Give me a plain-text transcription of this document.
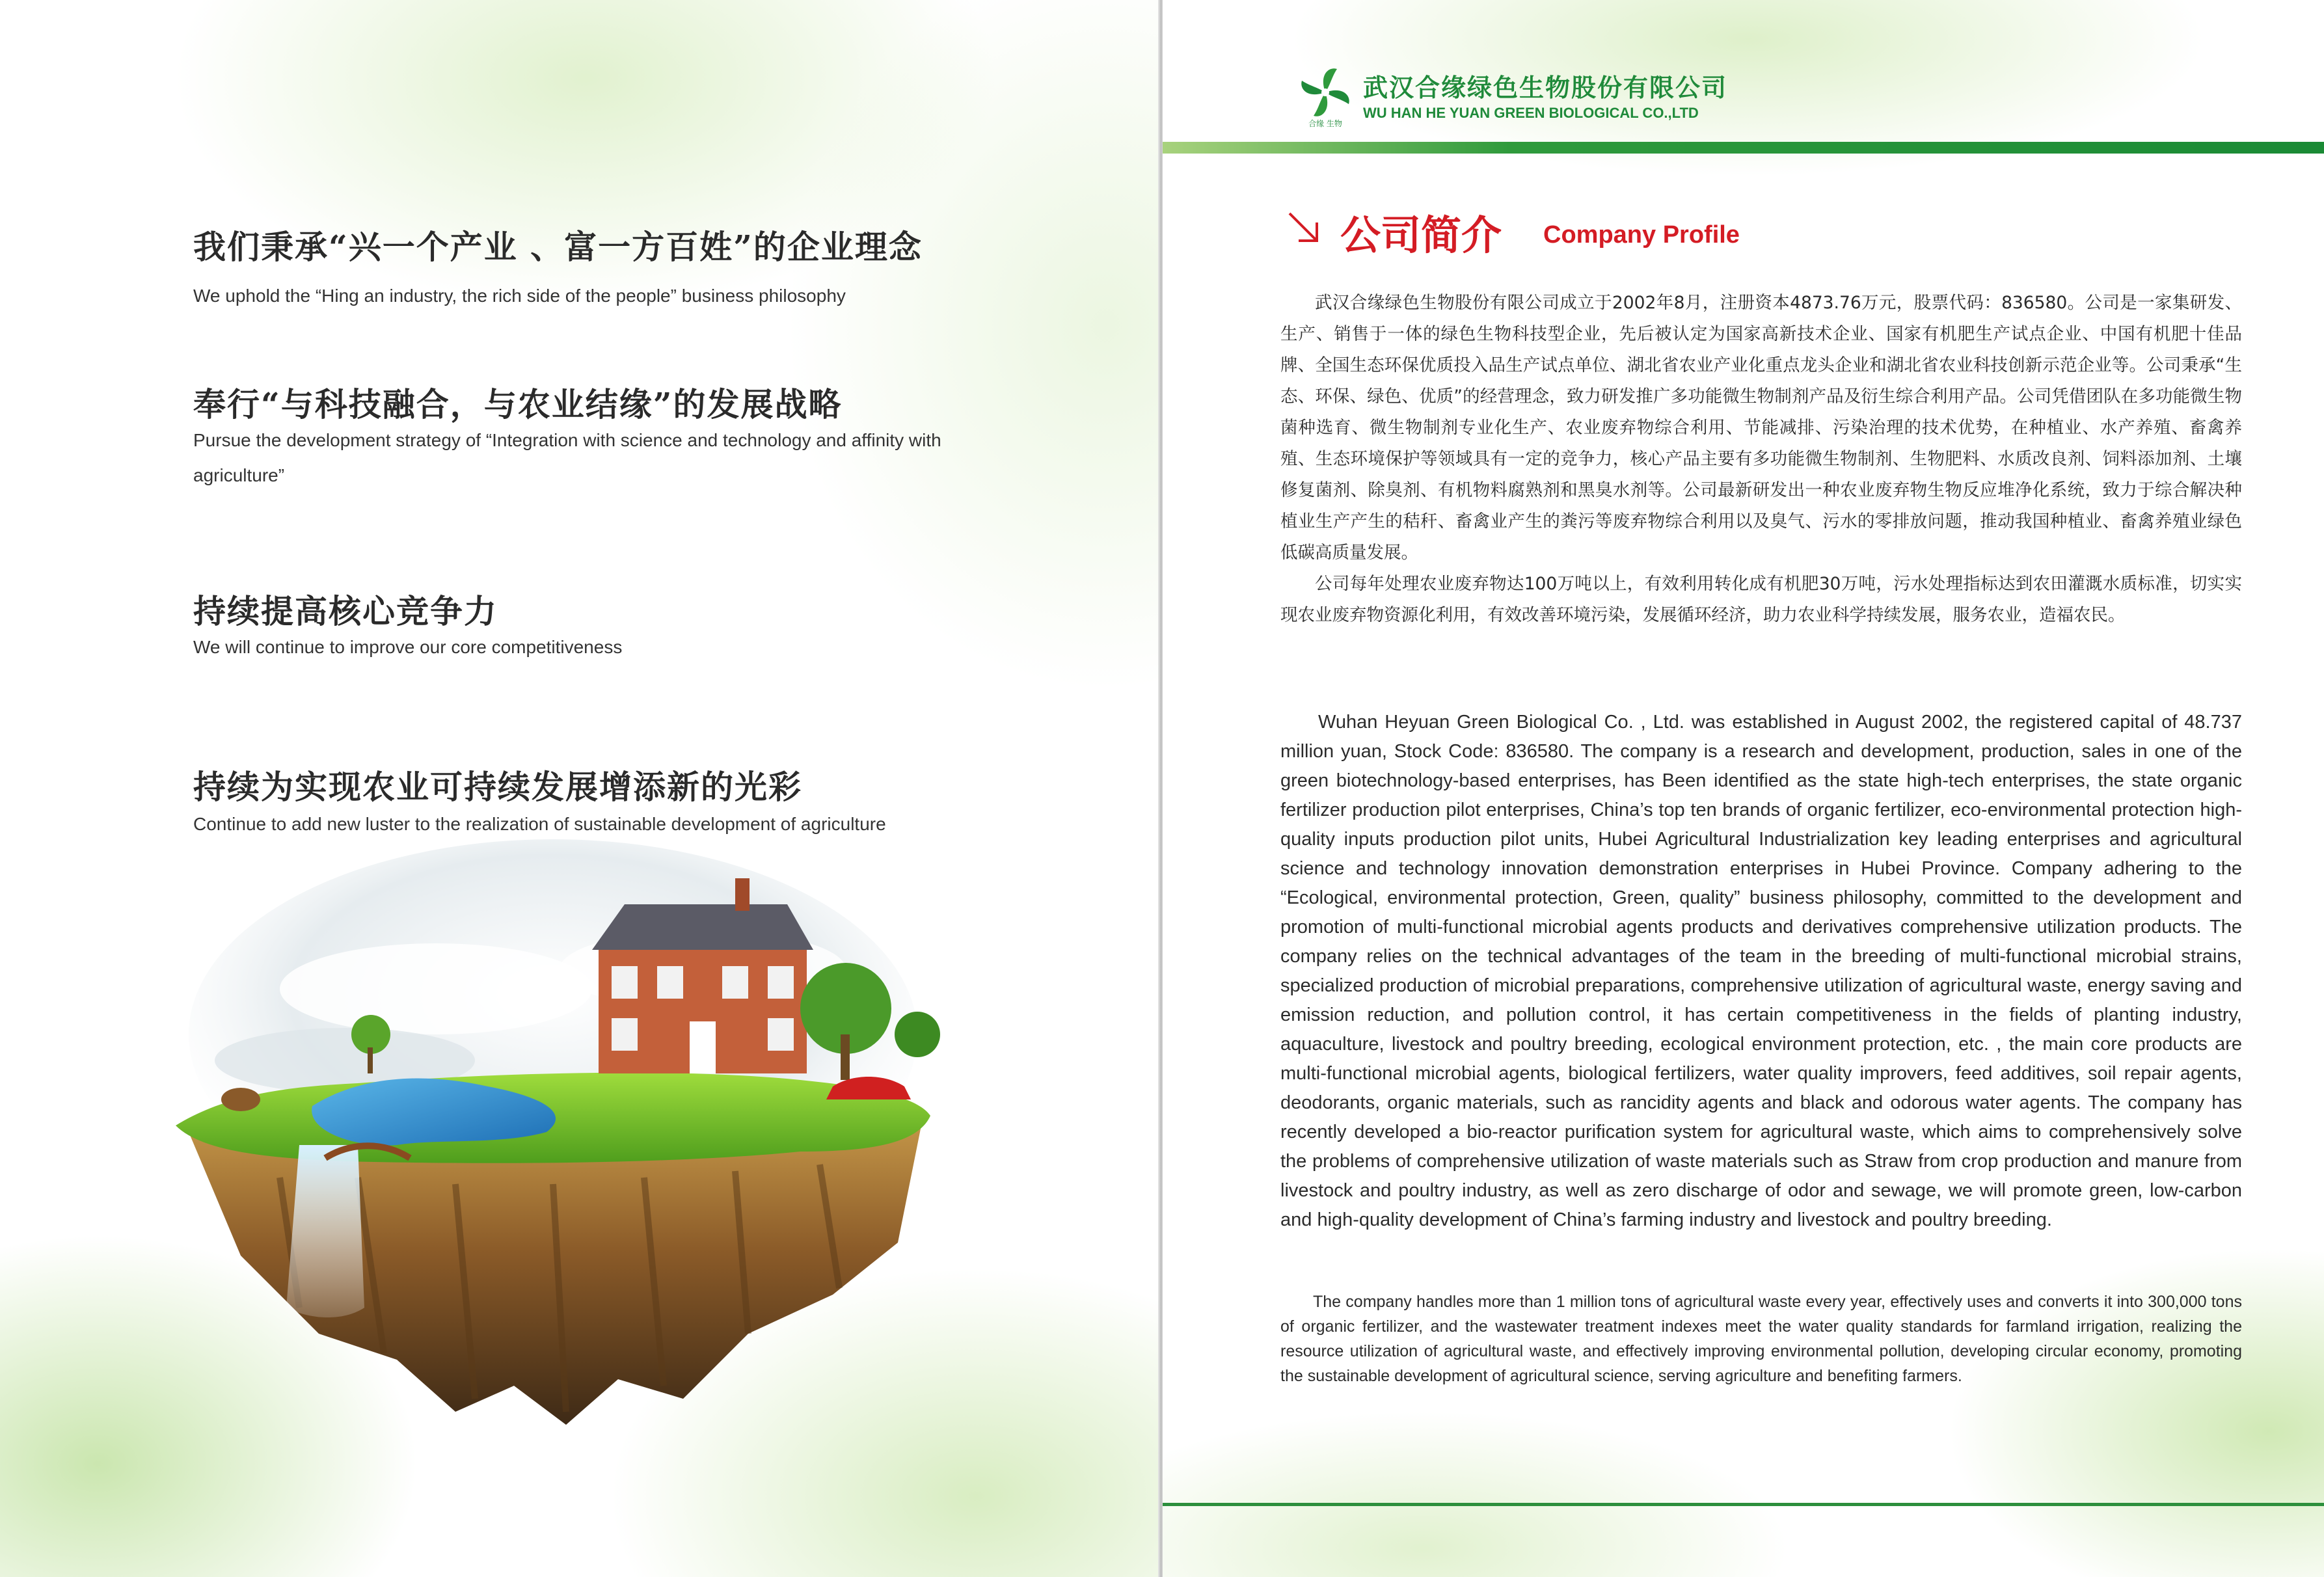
我们秉承“兴一个产业 、富一方百姓”的企业理念
We uphold the “Hing an industry, the rich side of the people” business philosophy
奉行“与科技融合，与农业结缘”的发展战略
Pursue the development strategy of “Integration with science and technology and affinity with agriculture”
持续提高核心竞争力
We will continue to improve our core competitiveness
持续为实现农业可持续发展增添新的光彩
Continue to add new luster to the realization of sustainable development of agriculture
合缘 生物
武汉合缘绿色生物股份有限公司
WU HAN HE YUAN GREEN BIOLOGICAL CO.,LTD
公司简介 Company Profile

武汉合缘绿色生物股份有限公司成立于2002年8月，注册资本4873.76万元，股票代码：836580。公司是一家集研发、生产、销售于一体的绿色生物科技型企业，先后被认定为国家高新技术企业、国家有机肥生产试点企业、中国有机肥十佳品牌、全国生态环保优质投入品生产试点单位、湖北省农业产业化重点龙头企业和湖北省农业科技创新示范企业等。公司秉承“生态、环保、绿色、优质”的经营理念，致力研发推广多功能微生物制剂产品及衍生综合利用产品。公司凭借团队在多功能微生物菌种选育、微生物制剂专业化生产、农业废弃物综合利用、节能减排、污染治理的技术优势，在种植业、水产养殖、畜禽养殖、生态环境保护等领域具有一定的竞争力，核心产品主要有多功能微生物制剂、生物肥料、水质改良剂、饲料添加剂、土壤修复菌剂、除臭剂、有机物料腐熟剂和黑臭水剂等。公司最新研发出一种农业废弃物生物反应堆净化系统，致力于综合解决种植业生产产生的秸秆、畜禽业产生的粪污等废弃物综合利用以及臭气、污水的零排放问题，推动我国种植业、畜禽养殖业绿色低碳高质量发展。

公司每年处理农业废弃物达100万吨以上，有效利用转化成有机肥30万吨，污水处理指标达到农田灌溉水质标准，切实实现农业废弃物资源化利用，有效改善环境污染，发展循环经济，助力农业科学持续发展，服务农业，造福农民。

Wuhan Heyuan Green Biological Co. , Ltd. was established in August 2002, the registered capital of 48.737 million yuan, Stock Code: 836580. The company is a research and development, production, sales in one of the green biotechnology-based enterprises, has Been identified as the state high-tech enterprises, the state organic fertilizer production pilot enterprises, China’s top ten brands of organic fertilizer, eco-environmental protection high-quality inputs production pilot units, Hubei Agricultural Industrialization key leading enterprises and agricultural science and technology innovation demonstration enterprises in Hubei Province. Company adhering to the “Ecological, environmental protection, Green, quality” business philosophy, committed to the development and promotion of multi-functional microbial agents products and derivatives comprehensive utilization products. The company relies on the technical advantages of the team in the breeding of multi-functional microbial strains, specialized production of microbial preparations, comprehensive utilization of agricultural waste, energy saving and emission reduction, and pollution control, it has certain competitiveness in the fields of planting industry, aquaculture, livestock and poultry breeding, ecological environment protection, etc. , the main core products are multi-functional microbial agents, biological fertilizers, water quality improvers, feed additives, soil repair agents, deodorants, organic materials, such as rancidity agents and black and odorous water agents. The company has recently developed a bio-reactor purification system for agricultural waste, which aims to comprehensively solve the problems of comprehensive utilization of waste materials such as Straw from crop production and manure from livestock and poultry industry, as well as zero discharge of odor and sewage, we will promote green, low-carbon and high-quality development of China’s farming industry and livestock and poultry breeding.

The company handles more than 1 million tons of agricultural waste every year, effectively uses and converts it into 300,000 tons of organic fertilizer, and the wastewater treatment indexes meet the water quality standards for farmland irrigation, realizing the resource utilization of agricultural waste, and effectively improving environmental pollution, developing circular economy, promoting the sustainable development of agricultural science, serving agriculture and benefiting farmers.
